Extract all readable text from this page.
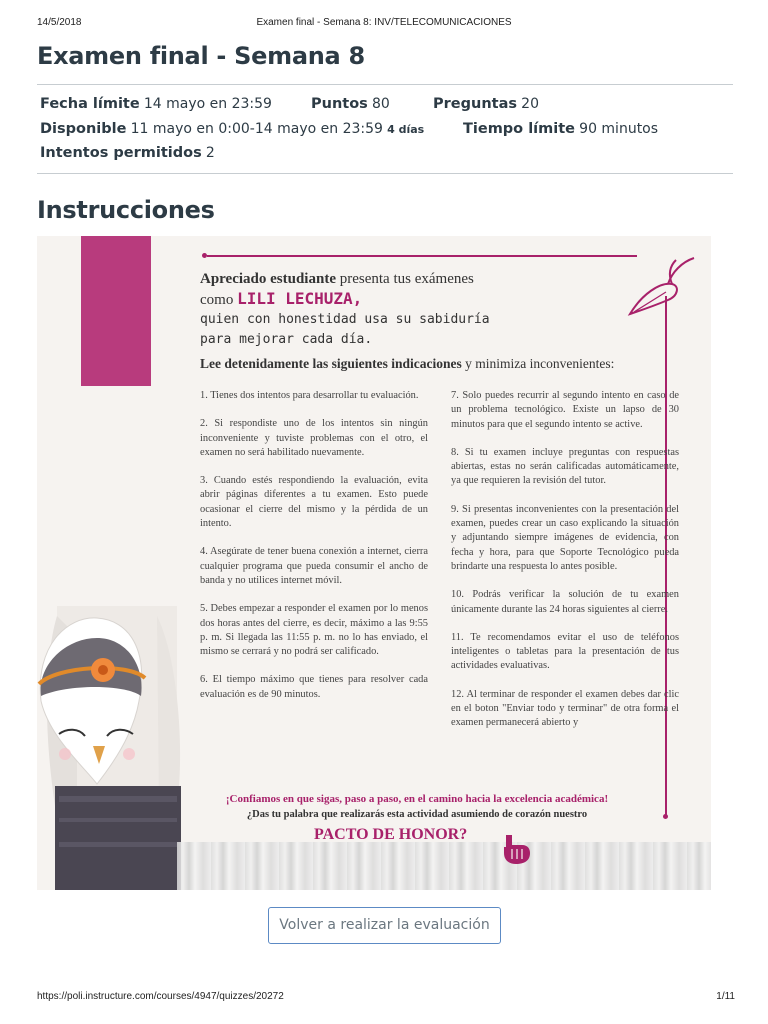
14/5/2018	Examen final - Semana 8: INV/TELECOMUNICACIONES
Examen final - Semana 8
Fecha límite 14 mayo en 23:59	Puntos 80	Preguntas 20
Disponible 11 mayo en 0:00-14 mayo en 23:59 4 días	Tiempo límite 90 minutos
Intentos permitidos 2
Instrucciones
Apreciado estudiante presenta tus exámenes
como LILI LECHUZA,
quien con honestidad usa su sabiduría
para mejorar cada día.
Lee detenidamente las siguientes indicaciones y minimiza inconvenientes:

1. Tienes dos intentos para desarrollar tu evaluación.

2. Si respondiste uno de los intentos sin ningún inconveniente y tuviste problemas con el otro, el examen no será habilitado nuevamente.

3. Cuando estés respondiendo la evaluación, evita abrir páginas diferentes a tu examen. Esto puede ocasionar el cierre del mismo y la pérdida de un intento.

4. Asegúrate de tener buena conexión a internet, cierra cualquier programa que pueda consumir el ancho de banda y no utilices internet móvil.

5. Debes empezar a responder el examen por lo menos dos horas antes del cierre, es decir, máximo a las 9:55 p. m. Si llegada las 11:55 p. m. no lo has enviado, el mismo se cerrará y no podrá ser calificado.

6. El tiempo máximo que tienes para resolver cada evaluación es de 90 minutos.

7. Solo puedes recurrir al segundo intento en caso de un problema tecnológico. Existe un lapso de 30 minutos para que el segundo intento se active.

8. Si tu examen incluye preguntas con respuestas abiertas, estas no serán calificadas automáticamente, ya que requieren la revisión del tutor.

9. Si presentas inconvenientes con la presentación del examen, puedes crear un caso explicando la situación y adjuntando siempre imágenes de evidencia, con fecha y hora, para que Soporte Tecnológico pueda brindarte una respuesta lo antes posible.

10. Podrás verificar la solución de tu examen únicamente durante las 24 horas siguientes al cierre.

11. Te recomendamos evitar el uso de teléfonos inteligentes o tabletas para la presentación de tus actividades evaluativas.

12. Al terminar de responder el examen debes dar clic en el boton "Enviar todo y terminar" de otra forma el examen permanecerá abierto y

¡Confiamos en que sigas, paso a paso, en el camino hacia la excelencia académica!
¿Das tu palabra que realizarás esta actividad asumiendo de corazón nuestro
PACTO DE HONOR?
Volver a realizar la evaluación
https://poli.instructure.com/courses/4947/quizzes/20272	1/11
